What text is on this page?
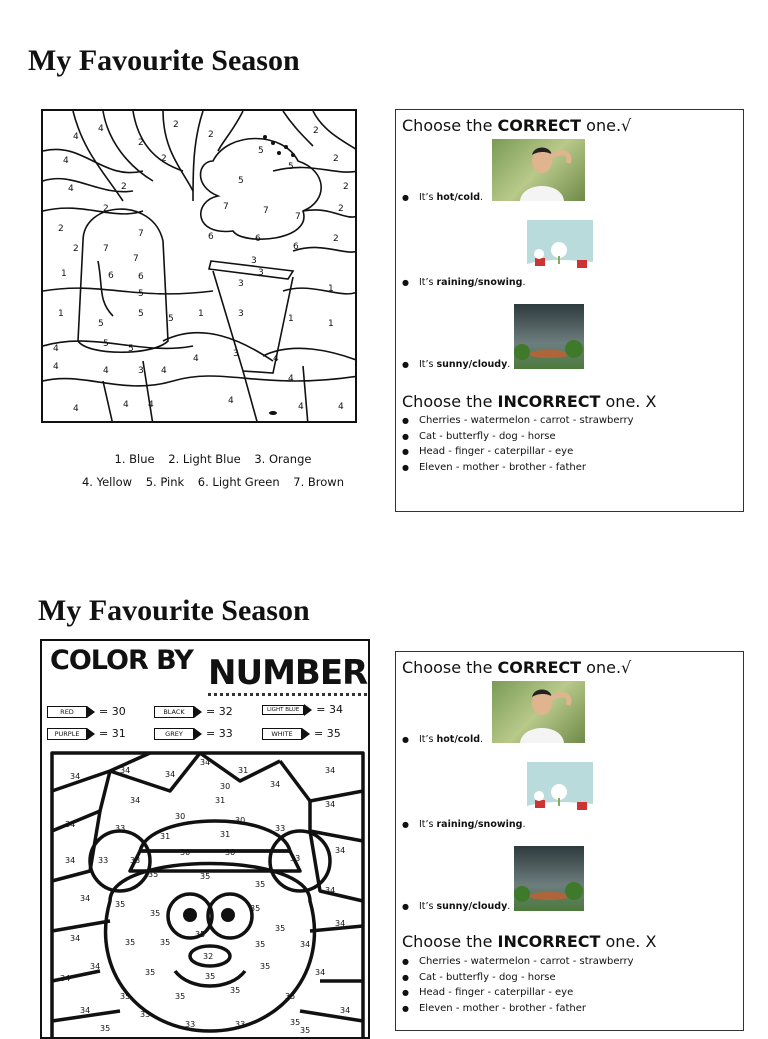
My Favourite Season
4
4
4
2
2
2	2
2
2
4	2
2
5
5
5
7	7
7
6	6
6
3
3
3
7
7
7
1	6	6
5
5
5	5	1	3	1	1
1
4	5 5
4	3	4
4	4	3 4
4
4	4 4	4
4	4
1
2
2
2
2
2
1. Blue 2. Light Blue 3. Orange
4. Yellow 5. Pink 6. Light Green 7. Brown
Choose the CORRECT one.√
● It’s hot/cold.
● It’s raining/snowing.
● It’s sunny/cloudy.
Choose the INCORRECT one. X
● Cherries - watermelon - carrot - strawberry
● Cat - butterfly - dog - horse
● Head - finger - caterpillar - eye
● Eleven - mother - brother - father
My Favourite Season
COLOR BY NUMBER
RED = 30	BLACK = 32	LIGHT BLUE = 34
PURPLE = 31	GREY = 33	WHITE = 35
34
34	34
34
31
34
34
30
34	31	34
30
34	33
31
30
33
31
34
30	30
34	33	33	33
35	35
35
34
35
34
35
35
35
35
34
34	35	35
32
35	34
34
35	35
35
34
34
35	35
35
35
34	33
33	33	35
34
35	35
Choose the CORRECT one.√
● It’s hot/cold.
● It’s raining/snowing.
● It’s sunny/cloudy.
Choose the INCORRECT one. X
● Cherries - watermelon - carrot - strawberry
● Cat - butterfly - dog - horse
● Head - finger - caterpillar - eye
● Eleven - mother - brother - father
